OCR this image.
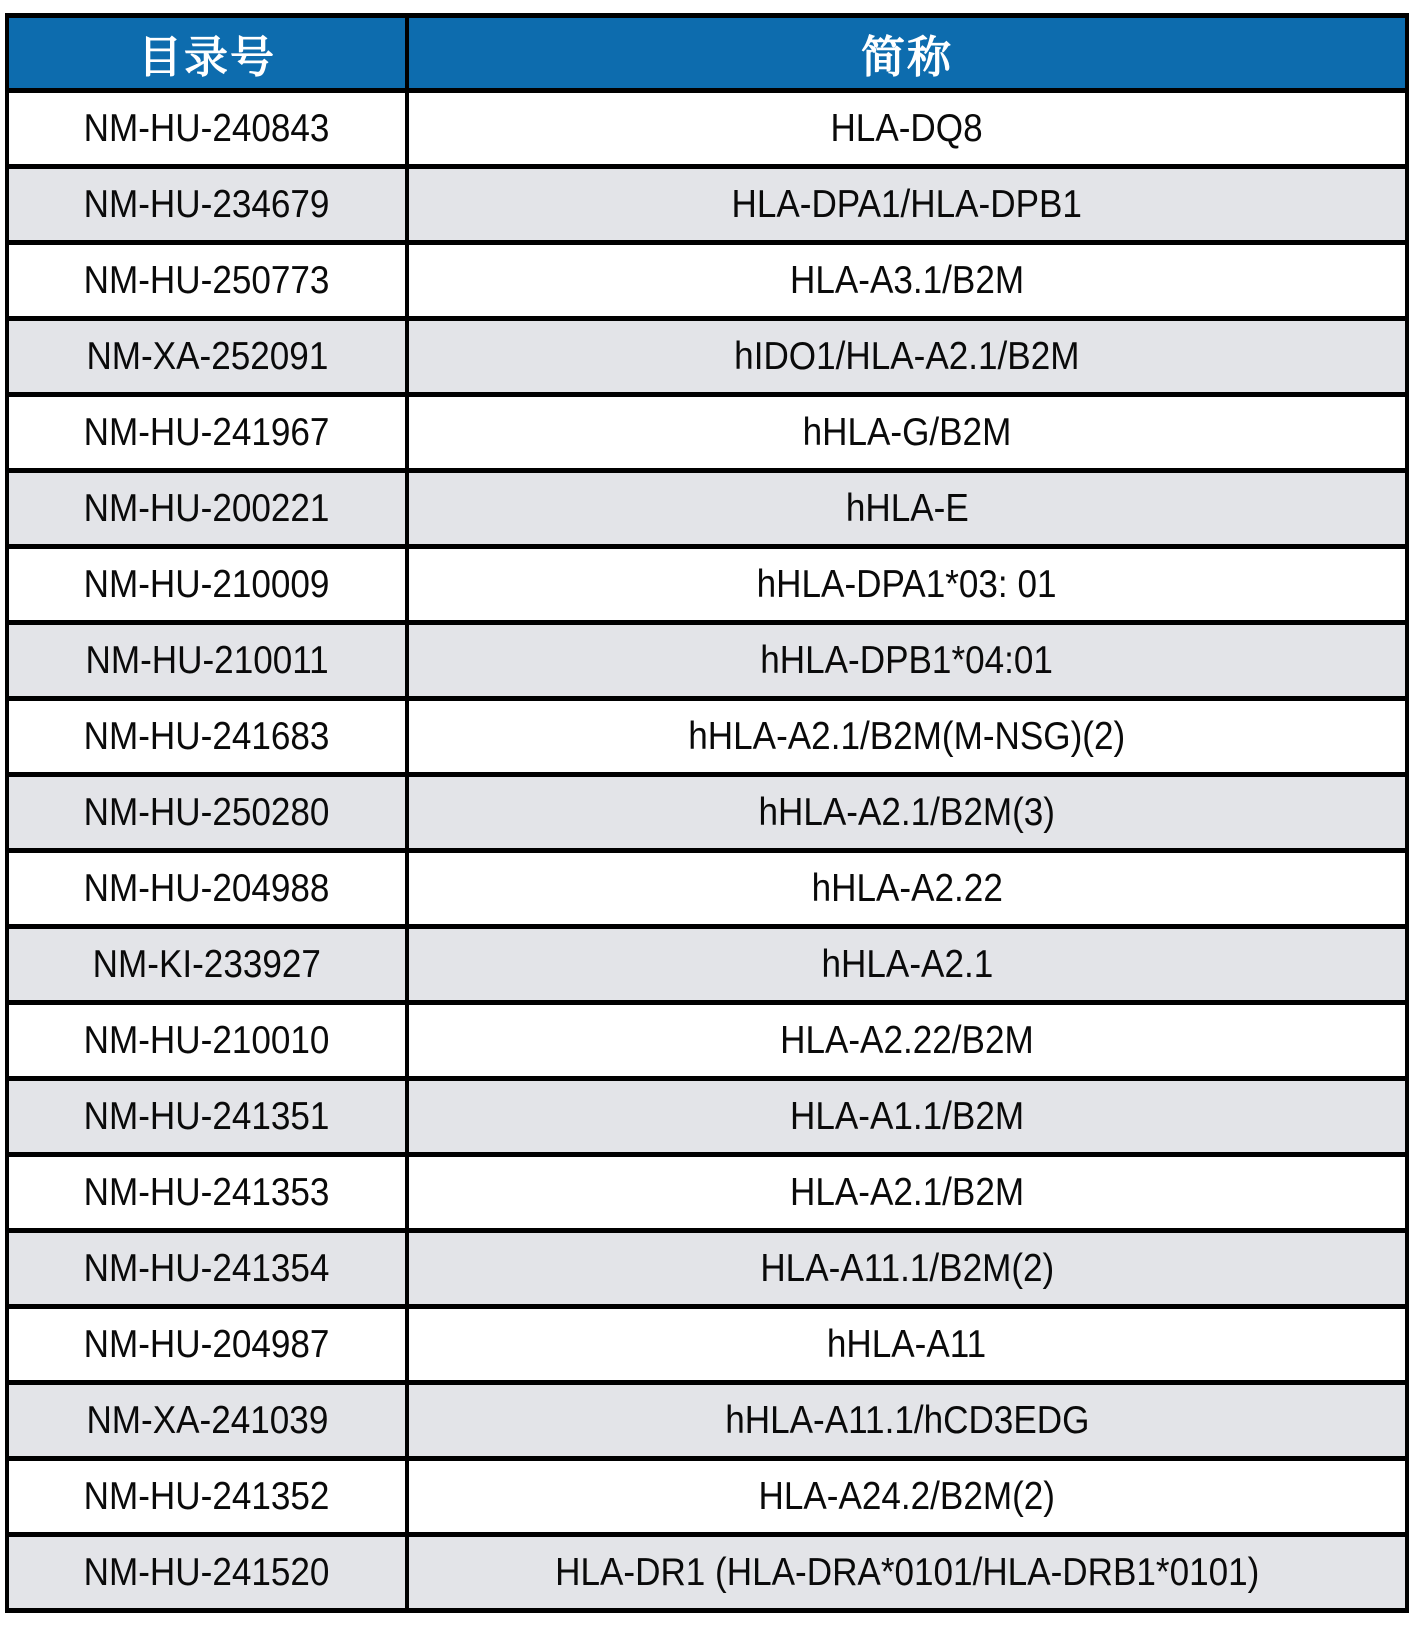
目录号	简称
NM-HU-240843	HLA-DQ8
NM-HU-234679	HLA-DPA1/HLA-DPB1
NM-HU-250773	HLA-A3.1/B2M
NM-XA-252091	hIDO1/HLA-A2.1/B2M
NM-HU-241967	hHLA-G/B2M
NM-HU-200221	hHLA-E
NM-HU-210009	hHLA-DPA1*03: 01
NM-HU-210011	hHLA-DPB1*04:01
NM-HU-241683	hHLA-A2.1/B2M(M-NSG)(2)
NM-HU-250280	hHLA-A2.1/B2M(3)
NM-HU-204988	hHLA-A2.22
NM-KI-233927	hHLA-A2.1
NM-HU-210010	HLA-A2.22/B2M
NM-HU-241351	HLA-A1.1/B2M
NM-HU-241353	HLA-A2.1/B2M
NM-HU-241354	HLA-A11.1/B2M(2)
NM-HU-204987	hHLA-A11
NM-XA-241039	hHLA-A11.1/hCD3EDG
NM-HU-241352	HLA-A24.2/B2M(2)
NM-HU-241520	HLA-DR1 (HLA-DRA*0101/HLA-DRB1*0101)
